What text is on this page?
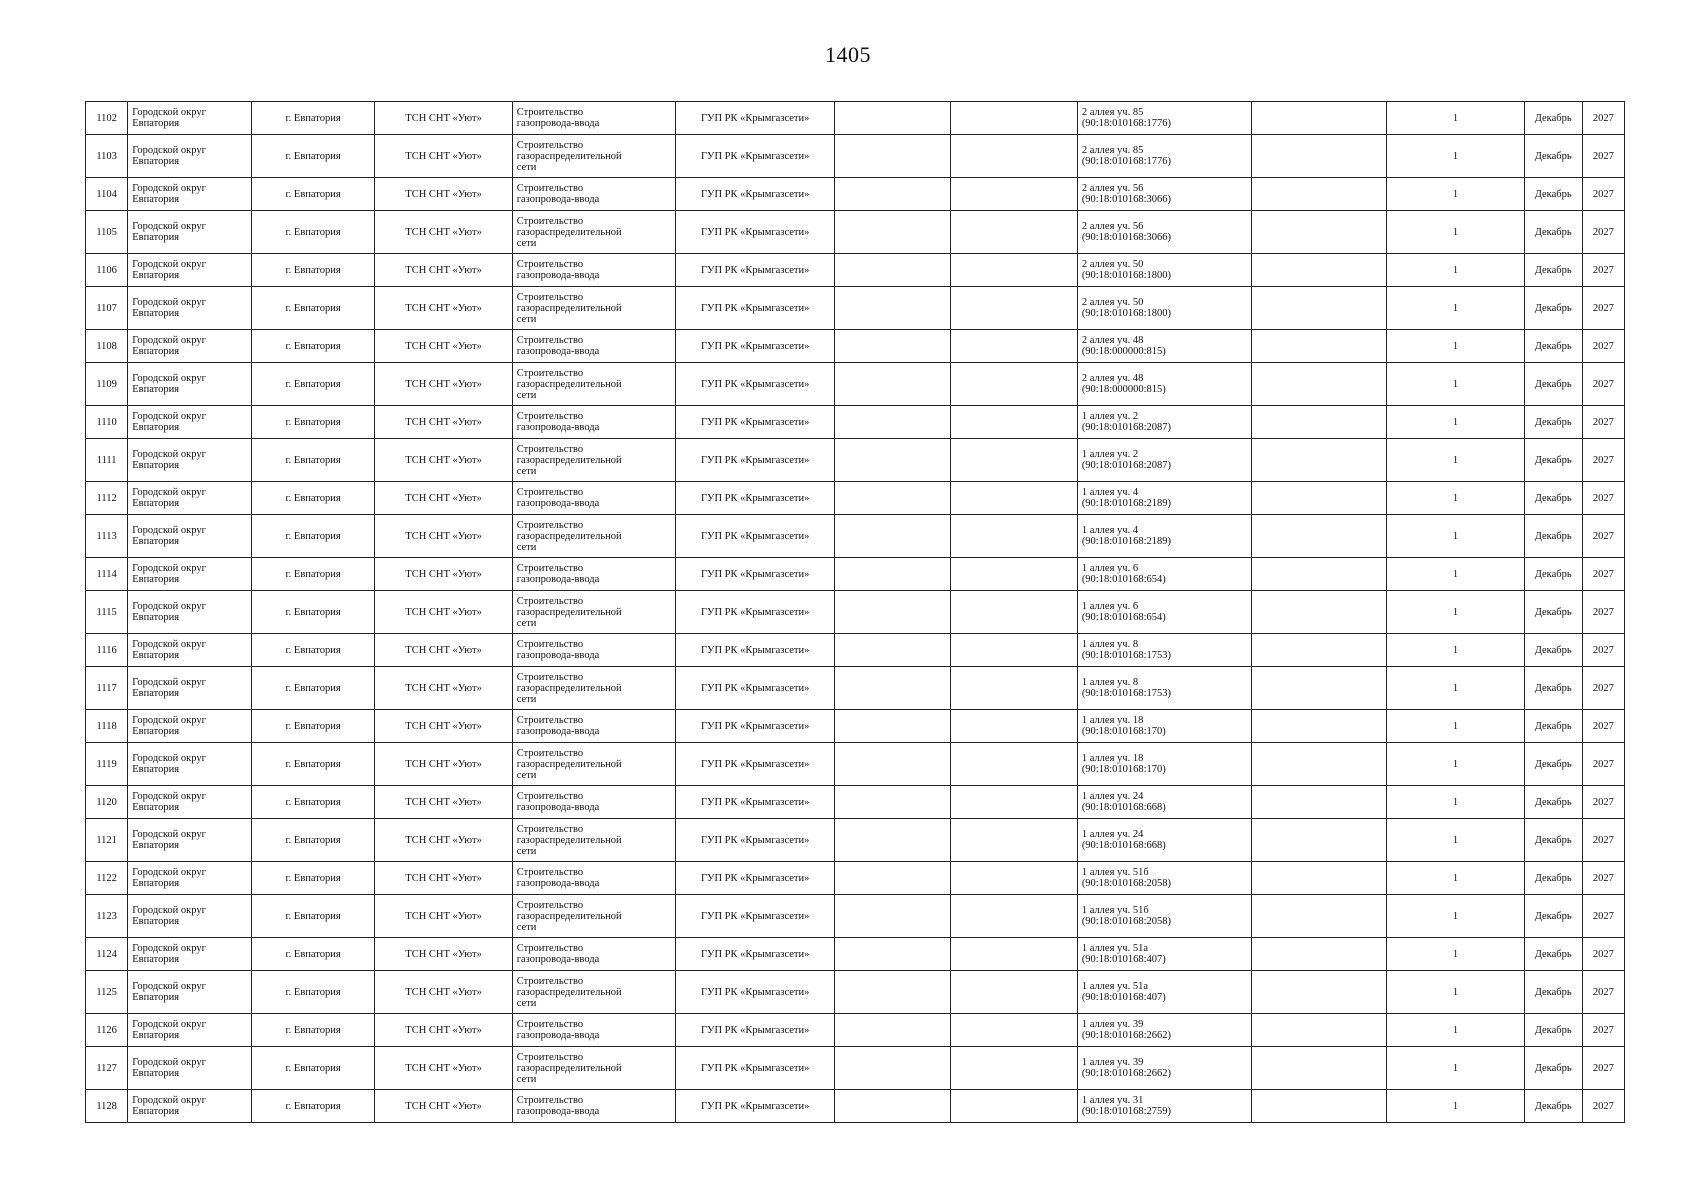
1405
1102	Городской округ
Евпатория	г. Евпатория	ТСН СНТ «Уют»	Строительство
газопровода-ввода	ГУП РК «Крымгазсети»			2 аллея уч. 85
(90:18:010168:1776)		1	Декабрь	2027
1103	Городской округ
Евпатория	г. Евпатория	ТСН СНТ «Уют»	Строительство
газораспределительной
сети	ГУП РК «Крымгазсети»			2 аллея уч. 85
(90:18:010168:1776)		1	Декабрь	2027
1104	Городской округ
Евпатория	г. Евпатория	ТСН СНТ «Уют»	Строительство
газопровода-ввода	ГУП РК «Крымгазсети»			2 аллея уч. 56
(90:18:010168:3066)		1	Декабрь	2027
1105	Городской округ
Евпатория	г. Евпатория	ТСН СНТ «Уют»	Строительство
газораспределительной
сети	ГУП РК «Крымгазсети»			2 аллея уч. 56
(90:18:010168:3066)		1	Декабрь	2027
1106	Городской округ
Евпатория	г. Евпатория	ТСН СНТ «Уют»	Строительство
газопровода-ввода	ГУП РК «Крымгазсети»			2 аллея уч. 50
(90:18:010168:1800)		1	Декабрь	2027
1107	Городской округ
Евпатория	г. Евпатория	ТСН СНТ «Уют»	Строительство
газораспределительной
сети	ГУП РК «Крымгазсети»			2 аллея уч. 50
(90:18:010168:1800)		1	Декабрь	2027
1108	Городской округ
Евпатория	г. Евпатория	ТСН СНТ «Уют»	Строительство
газопровода-ввода	ГУП РК «Крымгазсети»			2 аллея уч. 48
(90:18:000000:815)		1	Декабрь	2027
1109	Городской округ
Евпатория	г. Евпатория	ТСН СНТ «Уют»	Строительство
газораспределительной
сети	ГУП РК «Крымгазсети»			2 аллея уч. 48
(90:18:000000:815)		1	Декабрь	2027
1110	Городской округ
Евпатория	г. Евпатория	ТСН СНТ «Уют»	Строительство
газопровода-ввода	ГУП РК «Крымгазсети»			1 аллея уч. 2
(90:18:010168:2087)		1	Декабрь	2027
1111	Городской округ
Евпатория	г. Евпатория	ТСН СНТ «Уют»	Строительство
газораспределительной
сети	ГУП РК «Крымгазсети»			1 аллея уч. 2
(90:18:010168:2087)		1	Декабрь	2027
1112	Городской округ
Евпатория	г. Евпатория	ТСН СНТ «Уют»	Строительство
газопровода-ввода	ГУП РК «Крымгазсети»			1 аллея уч. 4
(90:18:010168:2189)		1	Декабрь	2027
1113	Городской округ
Евпатория	г. Евпатория	ТСН СНТ «Уют»	Строительство
газораспределительной
сети	ГУП РК «Крымгазсети»			1 аллея уч. 4
(90:18:010168:2189)		1	Декабрь	2027
1114	Городской округ
Евпатория	г. Евпатория	ТСН СНТ «Уют»	Строительство
газопровода-ввода	ГУП РК «Крымгазсети»			1 аллея уч. 6
(90:18:010168:654)		1	Декабрь	2027
1115	Городской округ
Евпатория	г. Евпатория	ТСН СНТ «Уют»	Строительство
газораспределительной
сети	ГУП РК «Крымгазсети»			1 аллея уч. 6
(90:18:010168:654)		1	Декабрь	2027
1116	Городской округ
Евпатория	г. Евпатория	ТСН СНТ «Уют»	Строительство
газопровода-ввода	ГУП РК «Крымгазсети»			1 аллея уч. 8
(90:18:010168:1753)		1	Декабрь	2027
1117	Городской округ
Евпатория	г. Евпатория	ТСН СНТ «Уют»	Строительство
газораспределительной
сети	ГУП РК «Крымгазсети»			1 аллея уч. 8
(90:18:010168:1753)		1	Декабрь	2027
1118	Городской округ
Евпатория	г. Евпатория	ТСН СНТ «Уют»	Строительство
газопровода-ввода	ГУП РК «Крымгазсети»			1 аллея уч. 18
(90:18:010168:170)		1	Декабрь	2027
1119	Городской округ
Евпатория	г. Евпатория	ТСН СНТ «Уют»	Строительство
газораспределительной
сети	ГУП РК «Крымгазсети»			1 аллея уч. 18
(90:18:010168:170)		1	Декабрь	2027
1120	Городской округ
Евпатория	г. Евпатория	ТСН СНТ «Уют»	Строительство
газопровода-ввода	ГУП РК «Крымгазсети»			1 аллея уч. 24
(90:18:010168:668)		1	Декабрь	2027
1121	Городской округ
Евпатория	г. Евпатория	ТСН СНТ «Уют»	Строительство
газораспределительной
сети	ГУП РК «Крымгазсети»			1 аллея уч. 24
(90:18:010168:668)		1	Декабрь	2027
1122	Городской округ
Евпатория	г. Евпатория	ТСН СНТ «Уют»	Строительство
газопровода-ввода	ГУП РК «Крымгазсети»			1 аллея уч. 51б
(90:18:010168:2058)		1	Декабрь	2027
1123	Городской округ
Евпатория	г. Евпатория	ТСН СНТ «Уют»	Строительство
газораспределительной
сети	ГУП РК «Крымгазсети»			1 аллея уч. 51б
(90:18:010168:2058)		1	Декабрь	2027
1124	Городской округ
Евпатория	г. Евпатория	ТСН СНТ «Уют»	Строительство
газопровода-ввода	ГУП РК «Крымгазсети»			1 аллея уч. 51а
(90:18:010168:407)		1	Декабрь	2027
1125	Городской округ
Евпатория	г. Евпатория	ТСН СНТ «Уют»	Строительство
газораспределительной
сети	ГУП РК «Крымгазсети»			1 аллея уч. 51а
(90:18:010168:407)		1	Декабрь	2027
1126	Городской округ
Евпатория	г. Евпатория	ТСН СНТ «Уют»	Строительство
газопровода-ввода	ГУП РК «Крымгазсети»			1 аллея уч. 39
(90:18:010168:2662)		1	Декабрь	2027
1127	Городской округ
Евпатория	г. Евпатория	ТСН СНТ «Уют»	Строительство
газораспределительной
сети	ГУП РК «Крымгазсети»			1 аллея уч. 39
(90:18:010168:2662)		1	Декабрь	2027
1128	Городской округ
Евпатория	г. Евпатория	ТСН СНТ «Уют»	Строительство
газопровода-ввода	ГУП РК «Крымгазсети»			1 аллея уч. 31
(90:18:010168:2759)		1	Декабрь	2027
